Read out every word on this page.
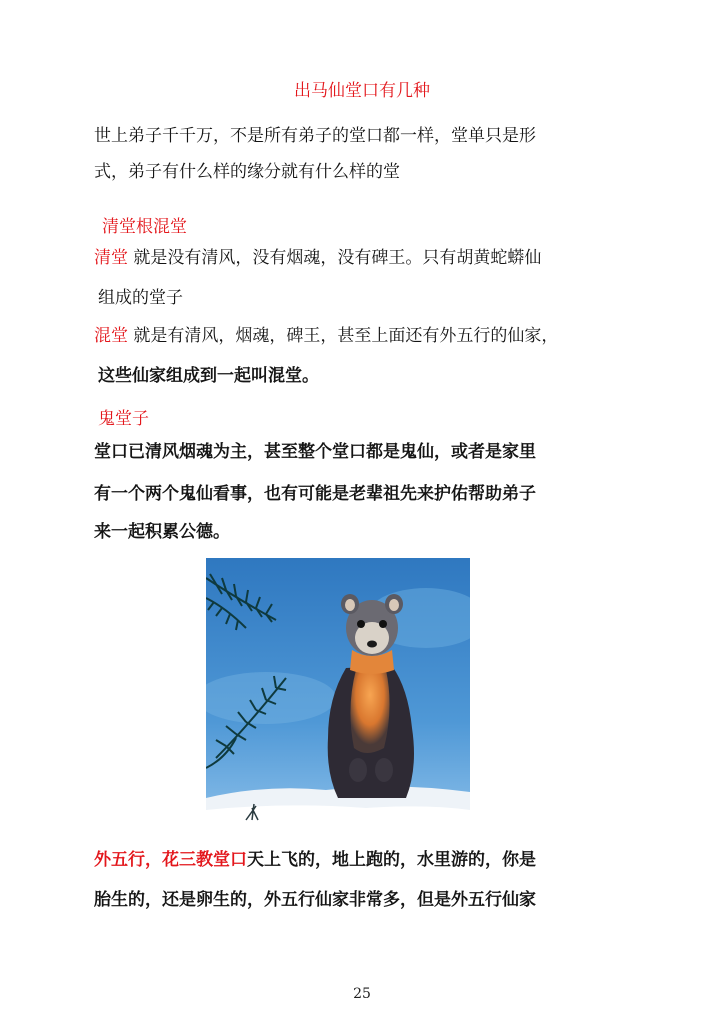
出马仙堂口有几种
世上弟子千千万，不是所有弟子的堂口都一样，堂单只是形
式，弟子有什么样的缘分就有什么样的堂
清堂根混堂
清堂 就是没有清风，没有烟魂，没有碑王。只有胡黄蛇蟒仙
组成的堂子
混堂 就是有清风，烟魂，碑王，甚至上面还有外五行的仙家，
这些仙家组成到一起叫混堂。
鬼堂子
堂口已清风烟魂为主，甚至整个堂口都是鬼仙，或者是家里
有一个两个鬼仙看事，也有可能是老辈祖先来护佑帮助弟子
来一起积累公德。
外五行，花三教堂口天上飞的，地上跑的，水里游的，你是
胎生的，还是卵生的，外五行仙家非常多，但是外五行仙家
25
